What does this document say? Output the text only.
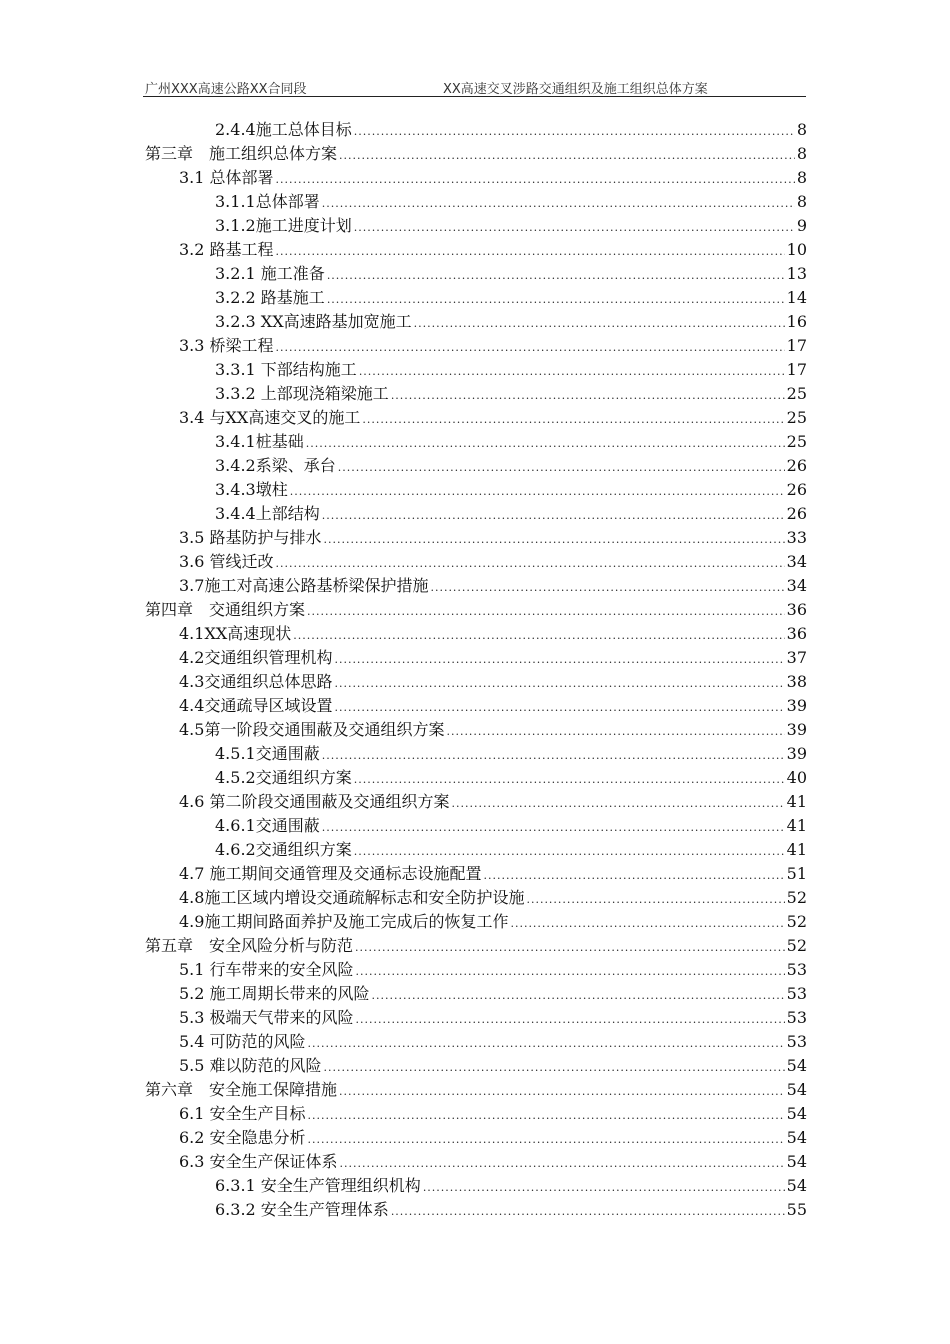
广州XXX高速公路XX合同段	XX高速交叉涉路交通组织及施工组织总体方案
2.4.4施工总体目标 .....	8
第三章　施工组织总体方案 .....	8
3.1 总体部署 .....	8
3.1.1总体部署 .....	8
3.1.2施工进度计划 .....	9
3.2 路基工程 .....	10
3.2.1 施工准备 .....	13
3.2.2 路基施工 .....	14
3.2.3 XX高速路基加宽施工 .....	16
3.3 桥梁工程 .....	17
3.3.1 下部结构施工 .....	17
3.3.2 上部现浇箱梁施工 .....	25
3.4 与XX高速交叉的施工 .....	25
3.4.1桩基础 .....	25
3.4.2系梁、承台 .....	26
3.4.3墩柱 .....	26
3.4.4上部结构 .....	26
3.5 路基防护与排水 .....	33
3.6 管线迁改 .....	34
3.7施工对高速公路基桥梁保护措施 .....	34
第四章　交通组织方案 .....	36
4.1XX高速现状 .....	36
4.2交通组织管理机构 .....	37
4.3交通组织总体思路 .....	38
4.4交通疏导区域设置 .....	39
4.5第一阶段交通围蔽及交通组织方案 .....	39
4.5.1交通围蔽 .....	39
4.5.2交通组织方案 .....	40
4.6 第二阶段交通围蔽及交通组织方案 .....	41
4.6.1交通围蔽 .....	41
4.6.2交通组织方案 .....	41
4.7 施工期间交通管理及交通标志设施配置 .....	51
4.8施工区域内增设交通疏解标志和安全防护设施 .....	52
4.9施工期间路面养护及施工完成后的恢复工作 .....	52
第五章　安全风险分析与防范 .....	52
5.1 行车带来的安全风险 .....	53
5.2 施工周期长带来的风险 .....	53
5.3 极端天气带来的风险 .....	53
5.4 可防范的风险 .....	53
5.5 难以防范的风险 .....	54
第六章　安全施工保障措施 .....	54
6.1 安全生产目标 .....	54
6.2 安全隐患分析 .....	54
6.3 安全生产保证体系 .....	54
6.3.1 安全生产管理组织机构 .....	54
6.3.2 安全生产管理体系 .....	55
